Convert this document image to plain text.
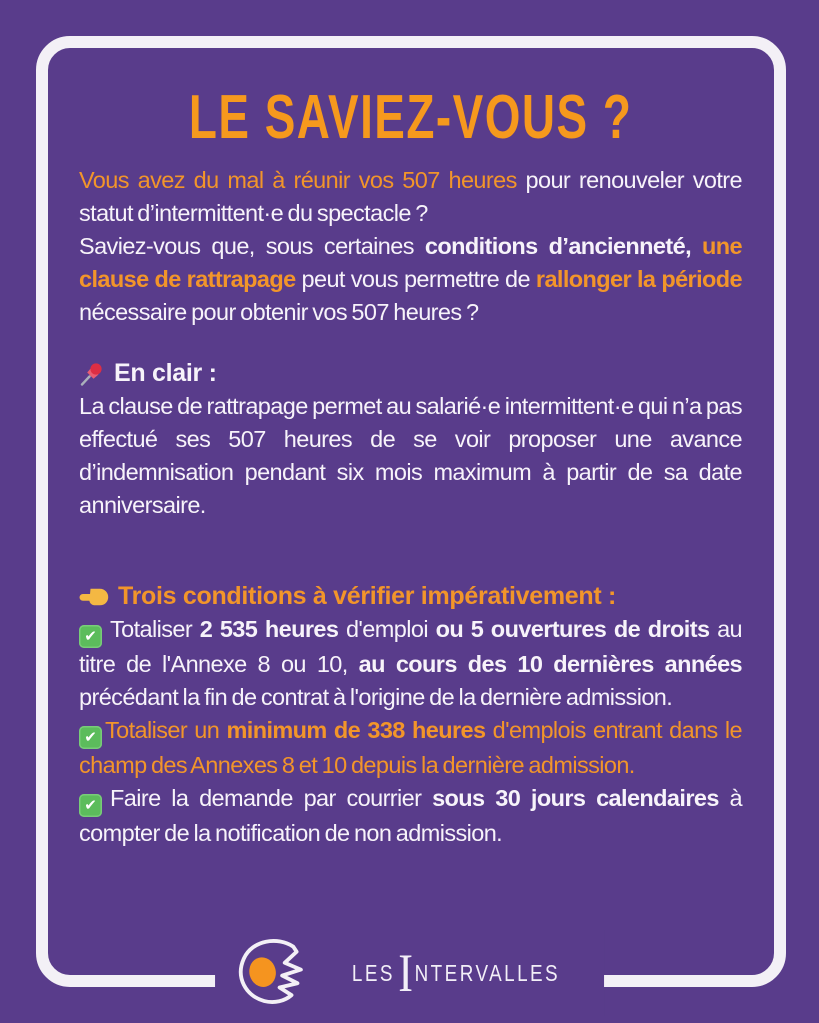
LE SAVIEZ-VOUS ?

Vous avez du mal à réunir vos 507 heures pour renouveler votre statut d’intermittent·e du spectacle ?

Saviez-vous que, sous certaines conditions d’ancienneté, une clause de rattrapage peut vous permettre de rallonger la période nécessaire pour obtenir vos 507 heures ?

En clair :

La clause de rattrapage permet au salarié·e intermittent·e qui n’a pas effectué ses 507 heures de se voir proposer une avance d’indemnisation pendant six mois maximum à partir de sa date anniversaire.

Trois conditions à vérifier impérativement :

✔ Totaliser 2 535 heures d'emploi ou 5 ouvertures de droits au titre de l'Annexe 8 ou 10, au cours des 10 dernières années précédant la fin de contrat à l'origine de la dernière admission.

✔ Totaliser un minimum de 338 heures d'emplois entrant dans le champ des Annexes 8 et 10 depuis la dernière admission.

✔ Faire la demande par courrier sous 30 jours calendaires à compter de la notification de non admission.

LES I NTERVALLES
